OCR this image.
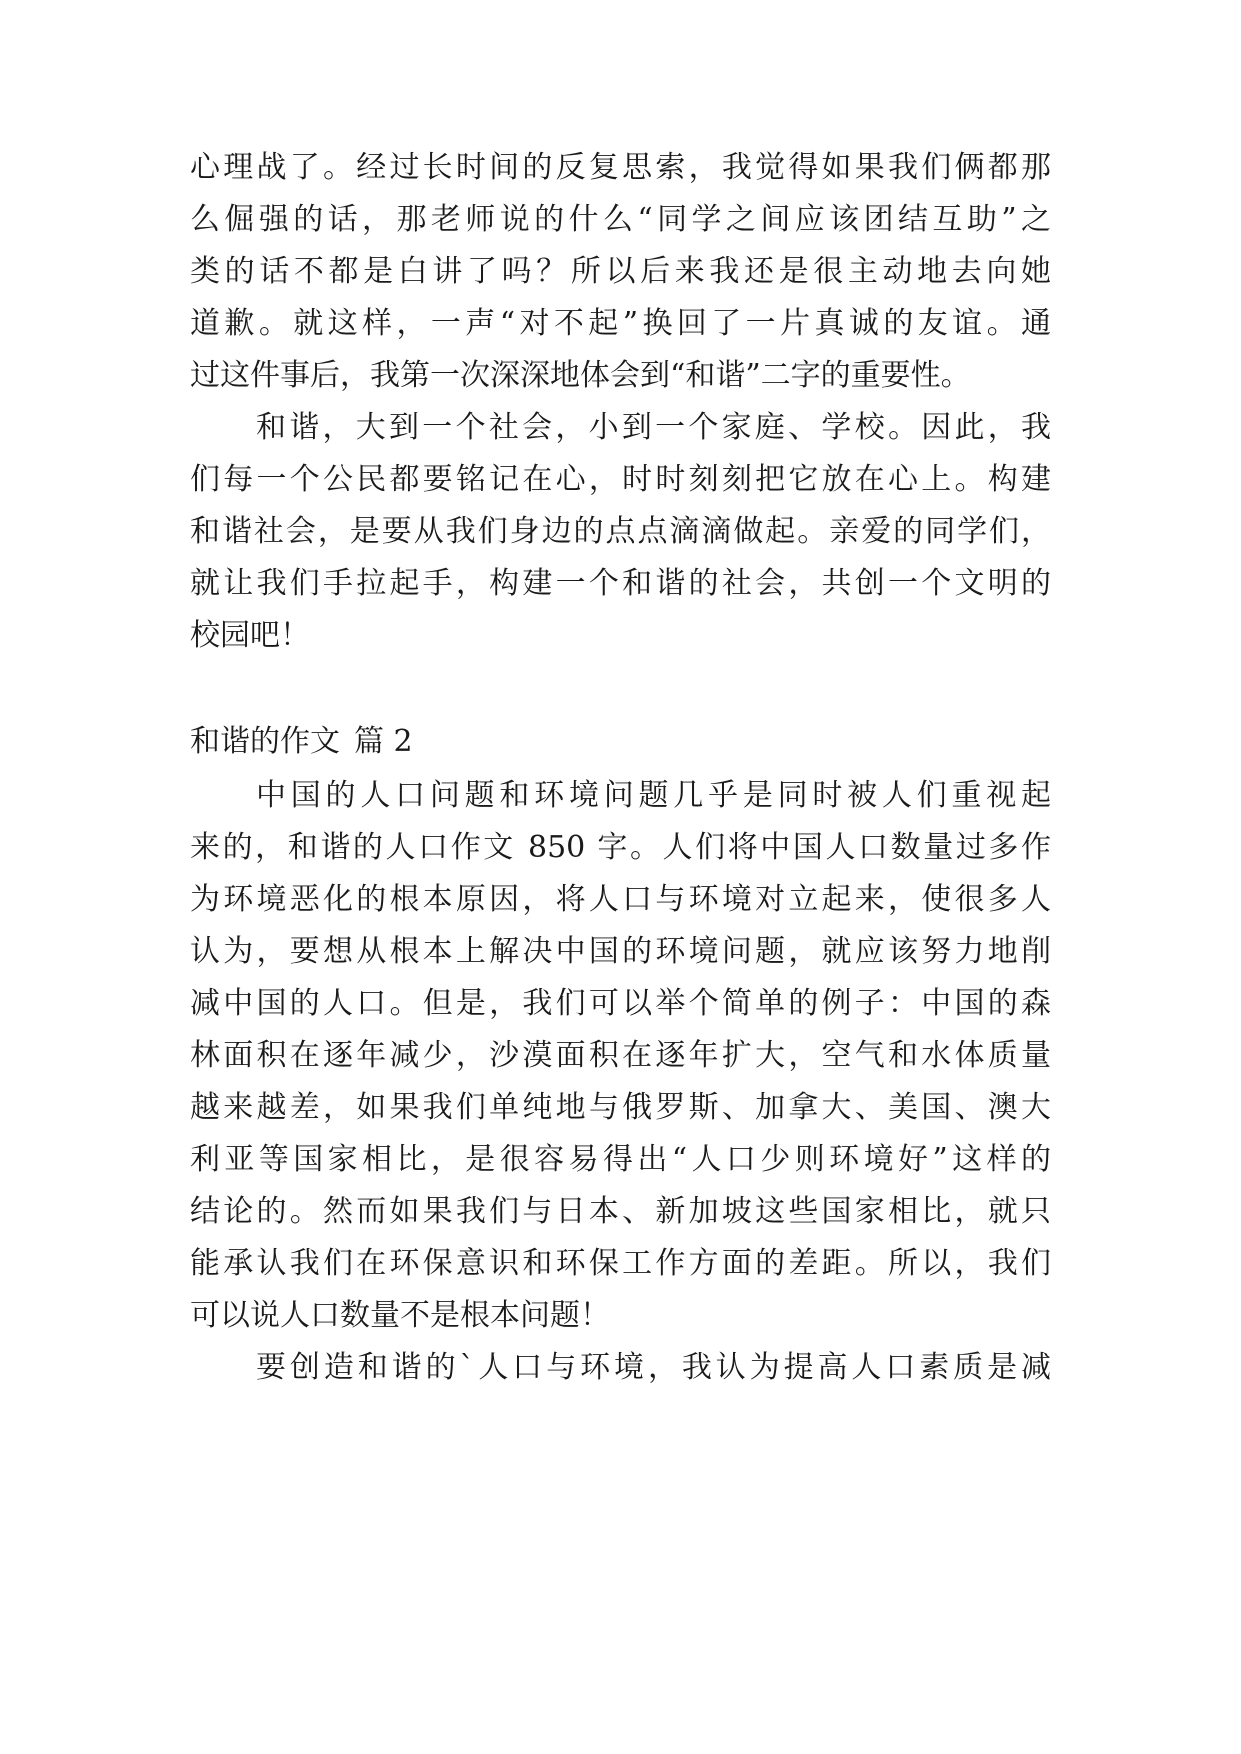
心理战了。经过长时间的反复思索，我觉得如果我们俩都那
么倔强的话，那老师说的什么“同学之间应该团结互助”之
类的话不都是白讲了吗？所以后来我还是很主动地去向她
道歉。就这样，一声“对不起”换回了一片真诚的友谊。通
过这件事后，我第一次深深地体会到“和谐”二字的重要性。
和谐，大到一个社会，小到一个家庭、学校。因此，我
们每一个公民都要铭记在心，时时刻刻把它放在心上。构建
和谐社会，是要从我们身边的点点滴滴做起。亲爱的同学们，
就让我们手拉起手，构建一个和谐的社会，共创一个文明的
校园吧！
和谐的作文 篇 2
中国的人口问题和环境问题几乎是同时被人们重视起
来的，和谐的人口作文 850 字。人们将中国人口数量过多作
为环境恶化的根本原因，将人口与环境对立起来，使很多人
认为，要想从根本上解决中国的环境问题，就应该努力地削
减中国的人口。但是，我们可以举个简单的例子：中国的森
林面积在逐年减少，沙漠面积在逐年扩大，空气和水体质量
越来越差，如果我们单纯地与俄罗斯、加拿大、美国、澳大
利亚等国家相比，是很容易得出“人口少则环境好”这样的
结论的。然而如果我们与日本、新加坡这些国家相比，就只
能承认我们在环保意识和环保工作方面的差距。所以，我们
可以说人口数量不是根本问题！
要创造和谐的`人口与环境，我认为提高人口素质是减
